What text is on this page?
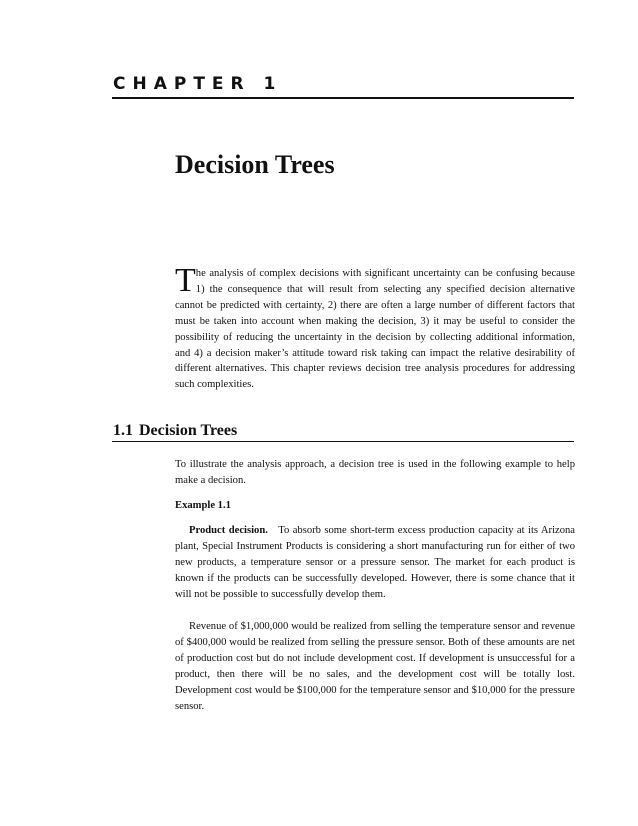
CHAPTER 1
Decision Trees

The analysis of complex decisions with significant uncertainty can be confusing because 1) the consequence that will result from selecting any specified decision alternative cannot be predicted with certainty, 2) there are often a large number of different factors that must be taken into account when making the decision, 3) it may be useful to consider the possibility of reducing the uncertainty in the decision by collecting additional information, and 4) a decision maker’s attitude toward risk taking can impact the relative desirability of different alternatives. This chapter reviews decision tree analysis procedures for addressing such complexities.

1.1 Decision Trees

To illustrate the analysis approach, a decision tree is used in the following example to help make a decision.

Example 1.1

Product decision. To absorb some short-term excess production capacity at its Arizona plant, Special Instrument Products is considering a short manufacturing run for either of two new products, a temperature sensor or a pressure sensor. The market for each product is known if the products can be successfully developed. However, there is some chance that it will not be possible to successfully develop them.

Revenue of $1,000,000 would be realized from selling the temperature sensor and revenue of $400,000 would be realized from selling the pressure sensor. Both of these amounts are net of production cost but do not include development cost. If development is unsuccessful for a product, then there will be no sales, and the development cost will be totally lost. Development cost would be $100,000 for the temperature sensor and $10,000 for the pressure sensor.
